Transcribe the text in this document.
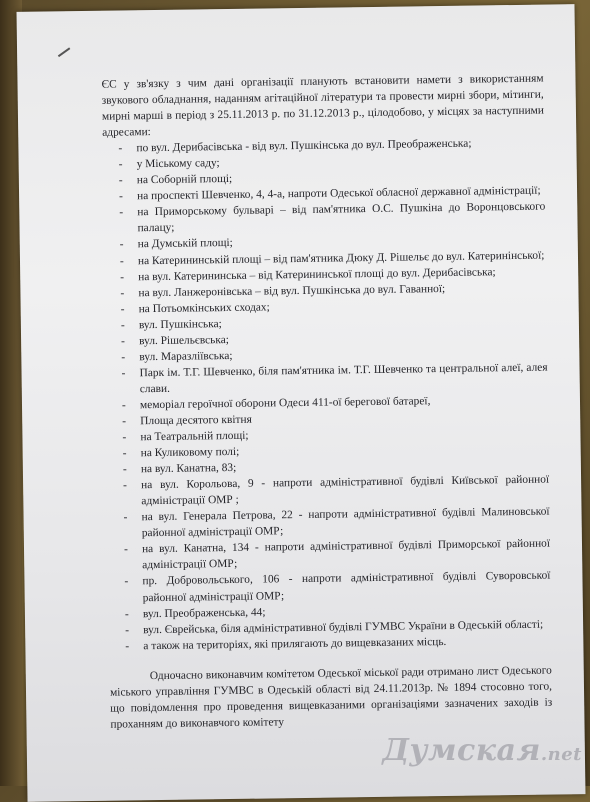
ЄС у зв'язку з чим дані організації планують встановити намети з використанням звукового обладнання, наданням агітаційної літератури та провести мирні збори, мітинги, мирні марші в період з 25.11.2013 р. по 31.12.2013 р., цілодобово, у місцях за наступними адресами:

- по вул. Дерибасівська - від вул. Пушкінська до вул. Преображенська;
- у Міському саду;
- на Соборній площі;
- на проспекті Шевченко, 4, 4-а, напроти Одеської обласної державної адміністрації;
- на Приморському бульварі – від пам'ятника О.С. Пушкіна до Воронцовського палацу;
- на Думській площі;
- на Катерининській площі – від пам'ятника Дюку Д. Рішельє до вул. Катеринінської;
- на вул. Катерининська – від Катерининської площі до вул. Дерибасівська;
- на вул. Ланжеронівська – від вул. Пушкінська до вул. Гаванної;
- на Потьомкінських сходах;
- вул. Пушкінська;
- вул. Рішельєвська;
- вул. Маразліївська;
- Парк ім. Т.Г. Шевченко, біля пам'ятника ім. Т.Г. Шевченко та центральної алеї, алея слави.
- меморіал героїчної оборони Одеси 411-ої берегової батареї,
- Площа десятого квітня
- на Театральній площі;
- на Куликовому полі;
- на вул. Канатна, 83;
- на вул. Корольова, 9 - напроти адміністративної будівлі Київської районної адміністрації ОМР ;
- на вул. Генерала Петрова, 22 - напроти адміністративної будівлі Малиновської районної адміністрації ОМР;
- на вул. Канатна, 134 - напроти адміністративної будівлі Приморської районної адміністрації ОМР;
- пр. Добровольського, 106 - напроти адміністративної будівлі Суворовської районної адміністрації ОМР;
- вул. Преображенська, 44;
- вул. Єврейська, біля адміністративної будівлі ГУМВС України в Одеській області;
- а також на територіях, які прилягають до вищевказаних місць.

Одночасно виконавчим комітетом Одеської міської ради отримано лист Одеського міського управління ГУМВС в Одеській області від 24.11.2013р. № 1894 стосовно того, що повідомлення про проведення вищевказаними організаціями зазначених заходів із проханням до виконавчого комітету

Думская.net
